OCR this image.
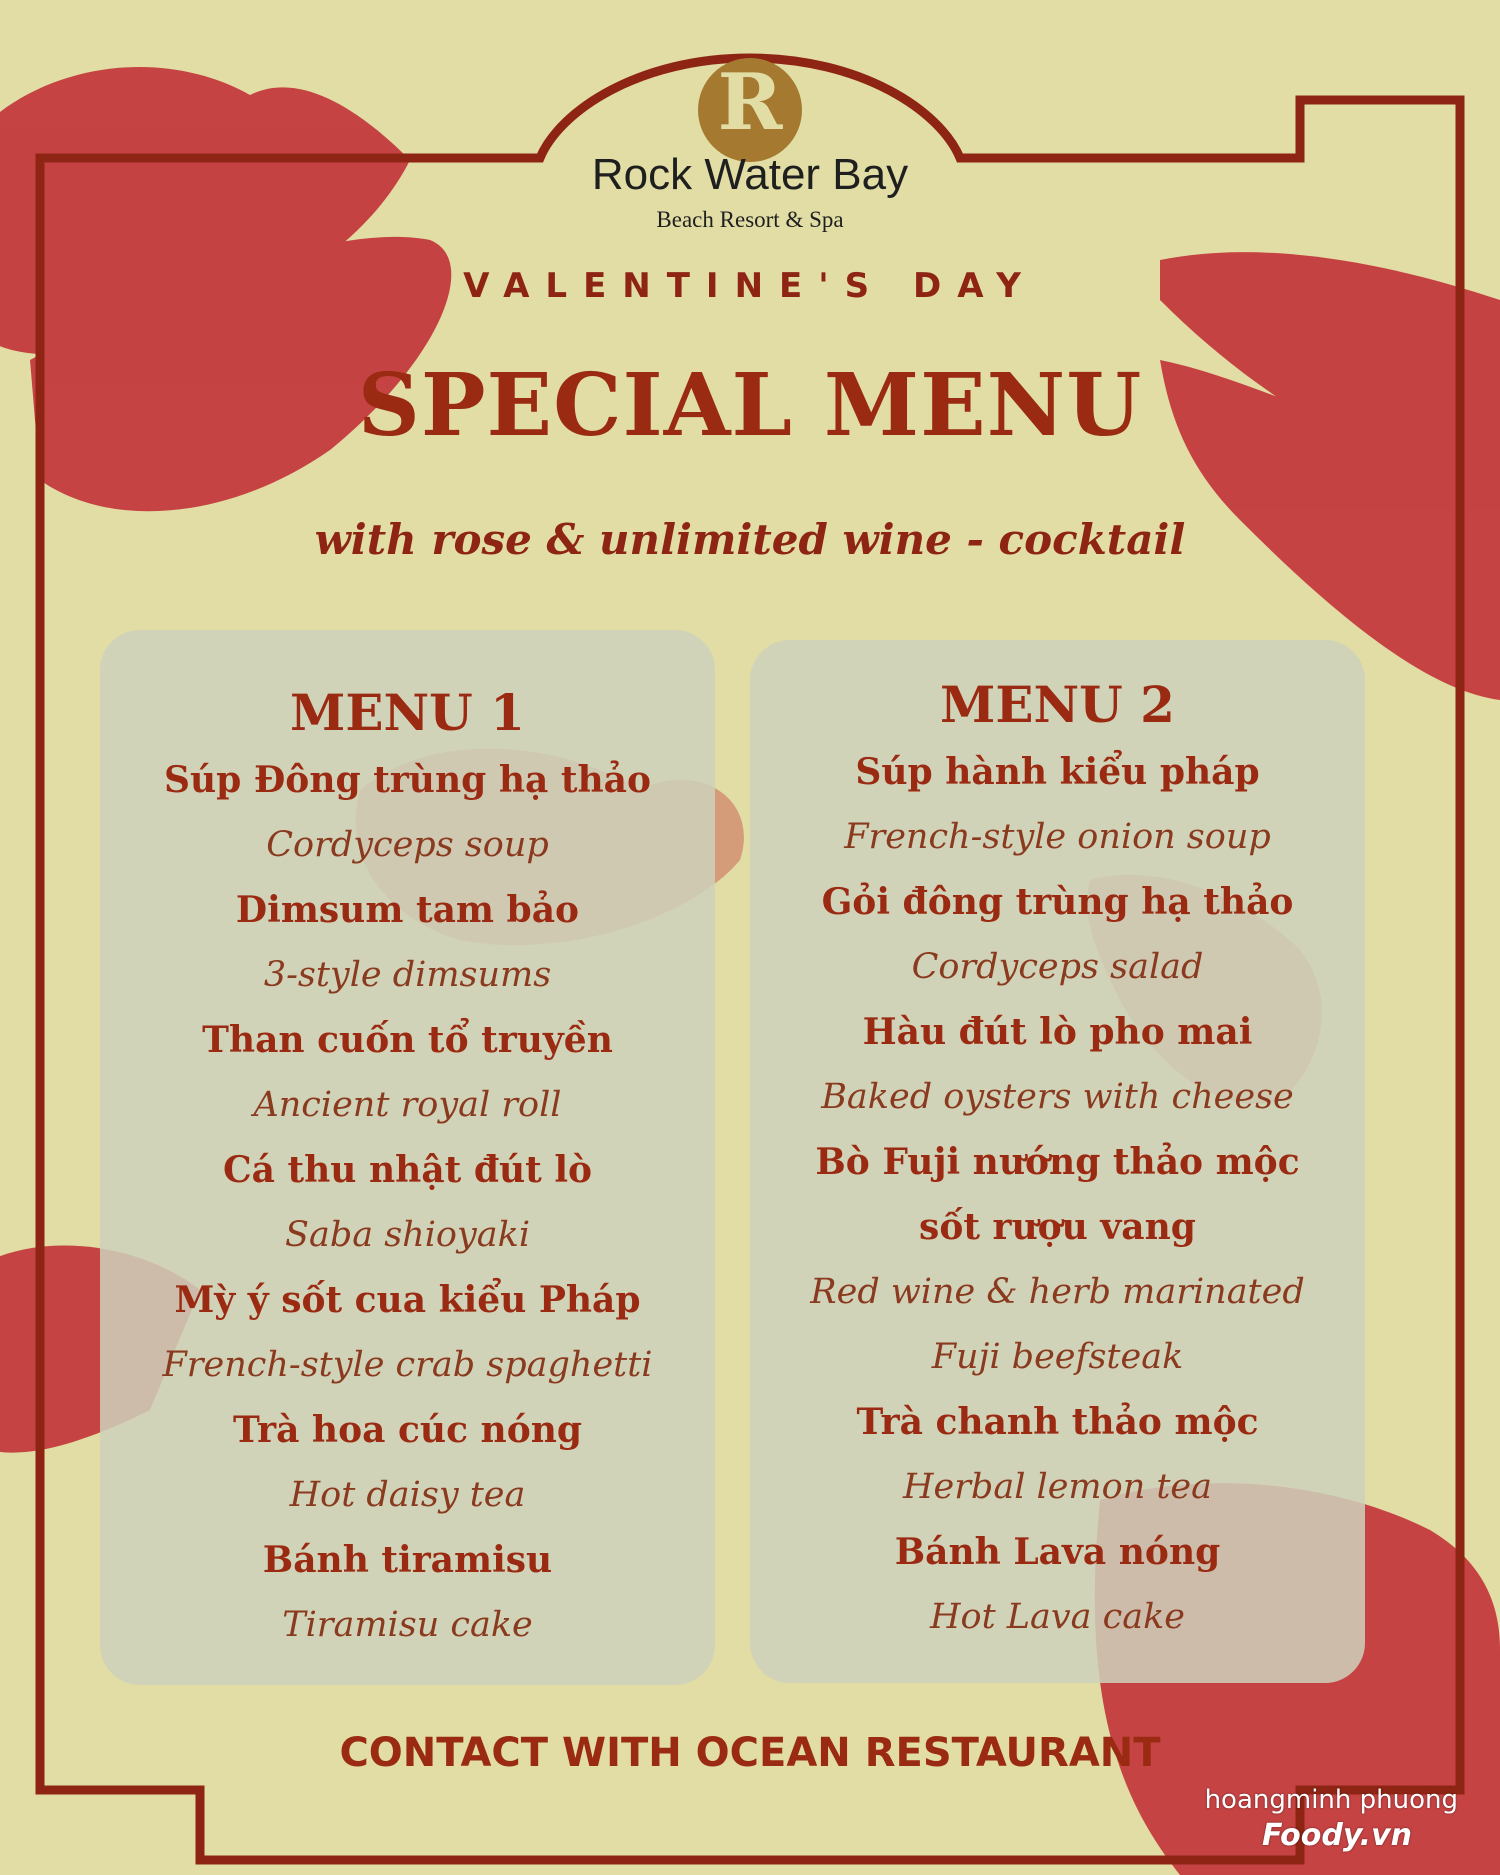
R
Rock Water Bay
Beach Resort & Spa
VALENTINE'S DAY
SPECIAL MENU
with rose & unlimited wine - cocktail
MENU 1
Súp Đông trùng hạ thảo
Cordyceps soup
Dimsum tam bảo
3-style dimsums
Than cuốn tổ truyền
Ancient royal roll
Cá thu nhật đút lò
Saba shioyaki
Mỳ ý sốt cua kiểu Pháp
French-style crab spaghetti
Trà hoa cúc nóng
Hot daisy tea
Bánh tiramisu
Tiramisu cake
MENU 2
Súp hành kiểu pháp
French-style onion soup
Gỏi đông trùng hạ thảo
Cordyceps salad
Hàu đút lò pho mai
Baked oysters with cheese
Bò Fuji nướng thảo mộc
sốt rượu vang
Red wine & herb marinated
Fuji beefsteak
Trà chanh thảo mộc
Herbal lemon tea
Bánh Lava nóng
Hot Lava cake
CONTACT WITH OCEAN RESTAURANT
hoangminh phuong
Foody.vn
